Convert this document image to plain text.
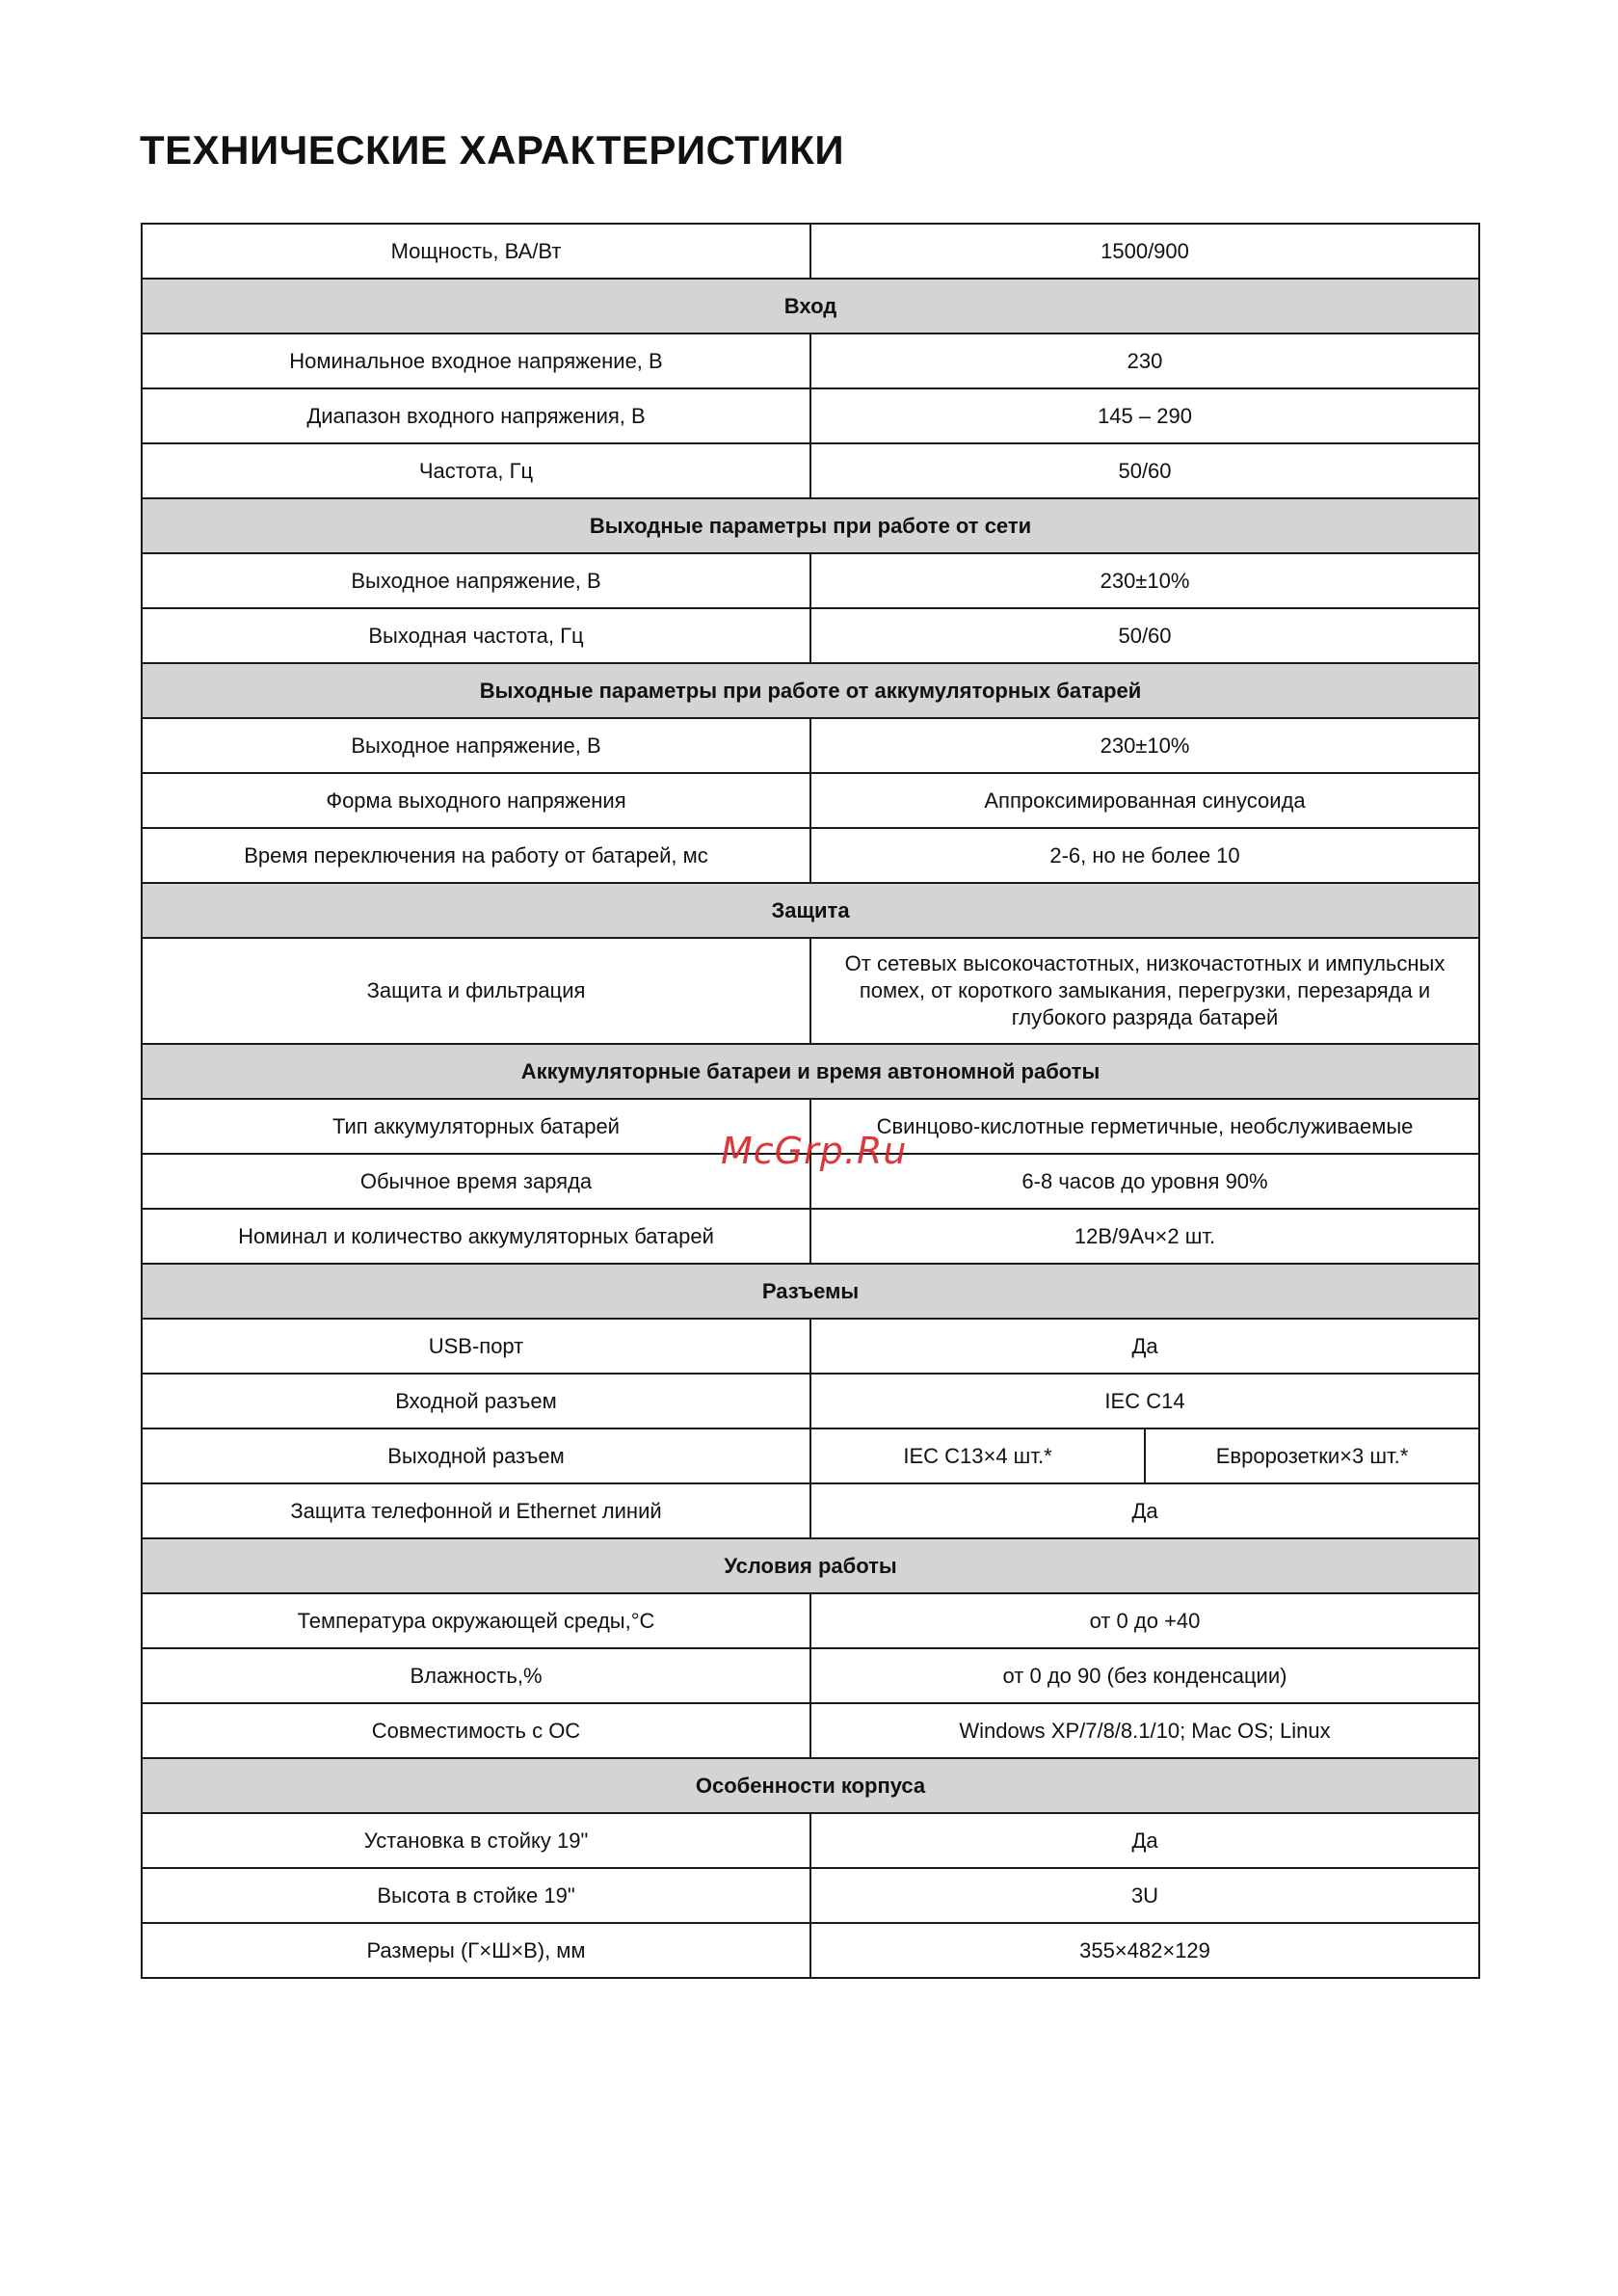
ТЕХНИЧЕСКИЕ ХАРАКТЕРИСТИКИ
Мощность, ВА/Вт	1500/900	
Вход		
Номинальное входное напряжение, В	230	
Диапазон входного напряжения, В	145 – 290	
Частота, Гц	50/60	
Выходные параметры при работе от сети		
Выходное напряжение, В	230±10%	
Выходная частота, Гц	50/60	
Выходные параметры при работе от аккумуляторных батарей		
Выходное напряжение, В	230±10%	
Форма выходного напряжения	Аппроксимированная синусоида	
Время переключения на работу от батарей, мс	2-6, но не более 10	
Защита		
Защита и фильтрация	От сетевых высокочастотных, низкочастотных и импульсных
помех, от короткого замыкания, перегрузки, перезаряда и
глубокого разряда батарей	

Аккумуляторные батареи и время автономной работы		
Тип аккумуляторных батарей	Свинцово-кислотные герметичные, необслуживаемые	
Обычное время заряда	6-8 часов до уровня 90%	
Номинал и количество аккумуляторных батарей	12В/9Ач×2 шт.	
Разъемы		
USB-порт	Да	
Входной разъем	IEC C14	
Выходной разъем	IEC C13×4 шт.*	Евророзетки×3 шт.*
Защита телефонной и Ethernet линий	Да	
Условия работы		
Температура окружающей среды,°C	от 0 до +40	
Влажность,%	от 0 до 90 (без конденсации)	
Совместимость с ОС	Windows XP/7/8/8.1/10; Mac OS; Linux	
Особенности корпуса		
Установка в стойку 19"	Да	
Высота в стойке 19"	3U	
Размеры (Г×Ш×В), мм	355×482×129	
McGrp.Ru
